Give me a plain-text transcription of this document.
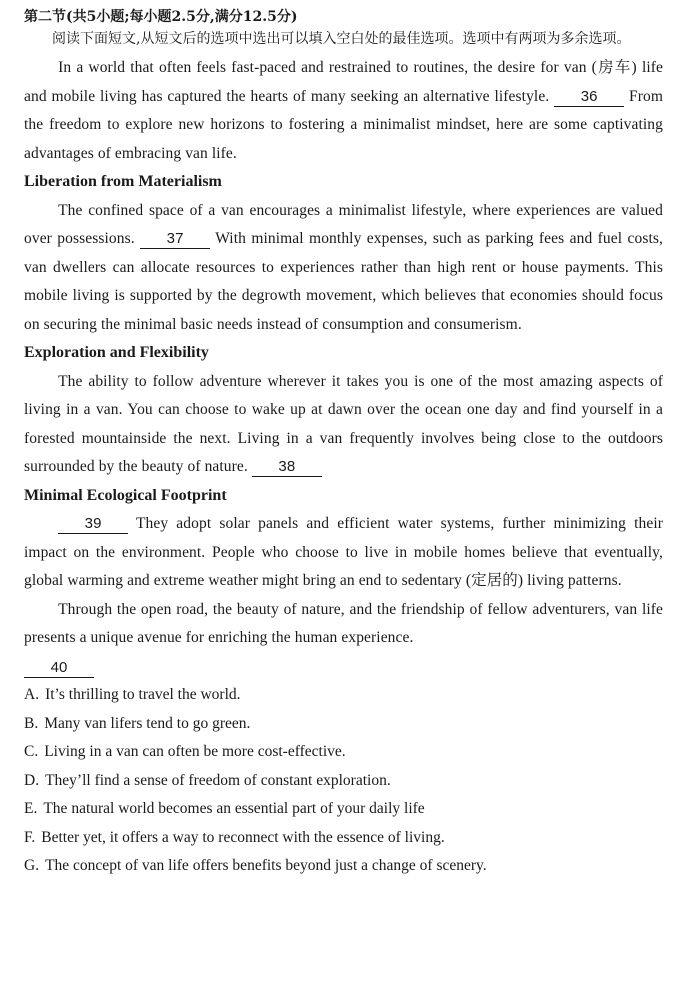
第二节(共5小题;每小题2.5分,满分12.5分)
阅读下面短文,从短文后的选项中选出可以填入空白处的最佳选项。选项中有两项为多余选项。

In a world that often feels fast-paced and restrained to routines, the desire for van (房车) life and mobile living has captured the hearts of many seeking an alternative lifestyle. 36 From the freedom to explore new horizons to fostering a minimalist mindset, here are some captivating advantages of embracing van life.

Liberation from Materialism

The confined space of a van encourages a minimalist lifestyle, where experiences are valued over possessions. 37 With minimal monthly expenses, such as parking fees and fuel costs, van dwellers can allocate resources to experiences rather than high rent or house payments. This mobile living is supported by the degrowth movement, which believes that economies should focus on securing the minimal basic needs instead of consumption and consumerism.

Exploration and Flexibility

The ability to follow adventure wherever it takes you is one of the most amazing aspects of living in a van. You can choose to wake up at dawn over the ocean one day and find yourself in a forested mountainside the next. Living in a van frequently involves being close to the outdoors surrounded by the beauty of nature. 38

Minimal Ecological Footprint

39 They adopt solar panels and efficient water systems, further minimizing their impact on the environment. People who choose to live in mobile homes believe that eventually, global warming and extreme weather might bring an end to sedentary (定居的) living patterns.

Through the open road, the beauty of nature, and the friendship of fellow adventurers, van life presents a unique avenue for enriching the human experience.

40
A. It’s thrilling to travel the world.
B. Many van lifers tend to go green.
C. Living in a van can often be more cost-effective.
D. They’ll find a sense of freedom of constant exploration.
E. The natural world becomes an essential part of your daily life
F. Better yet, it offers a way to reconnect with the essence of living.
G. The concept of van life offers benefits beyond just a change of scenery.
